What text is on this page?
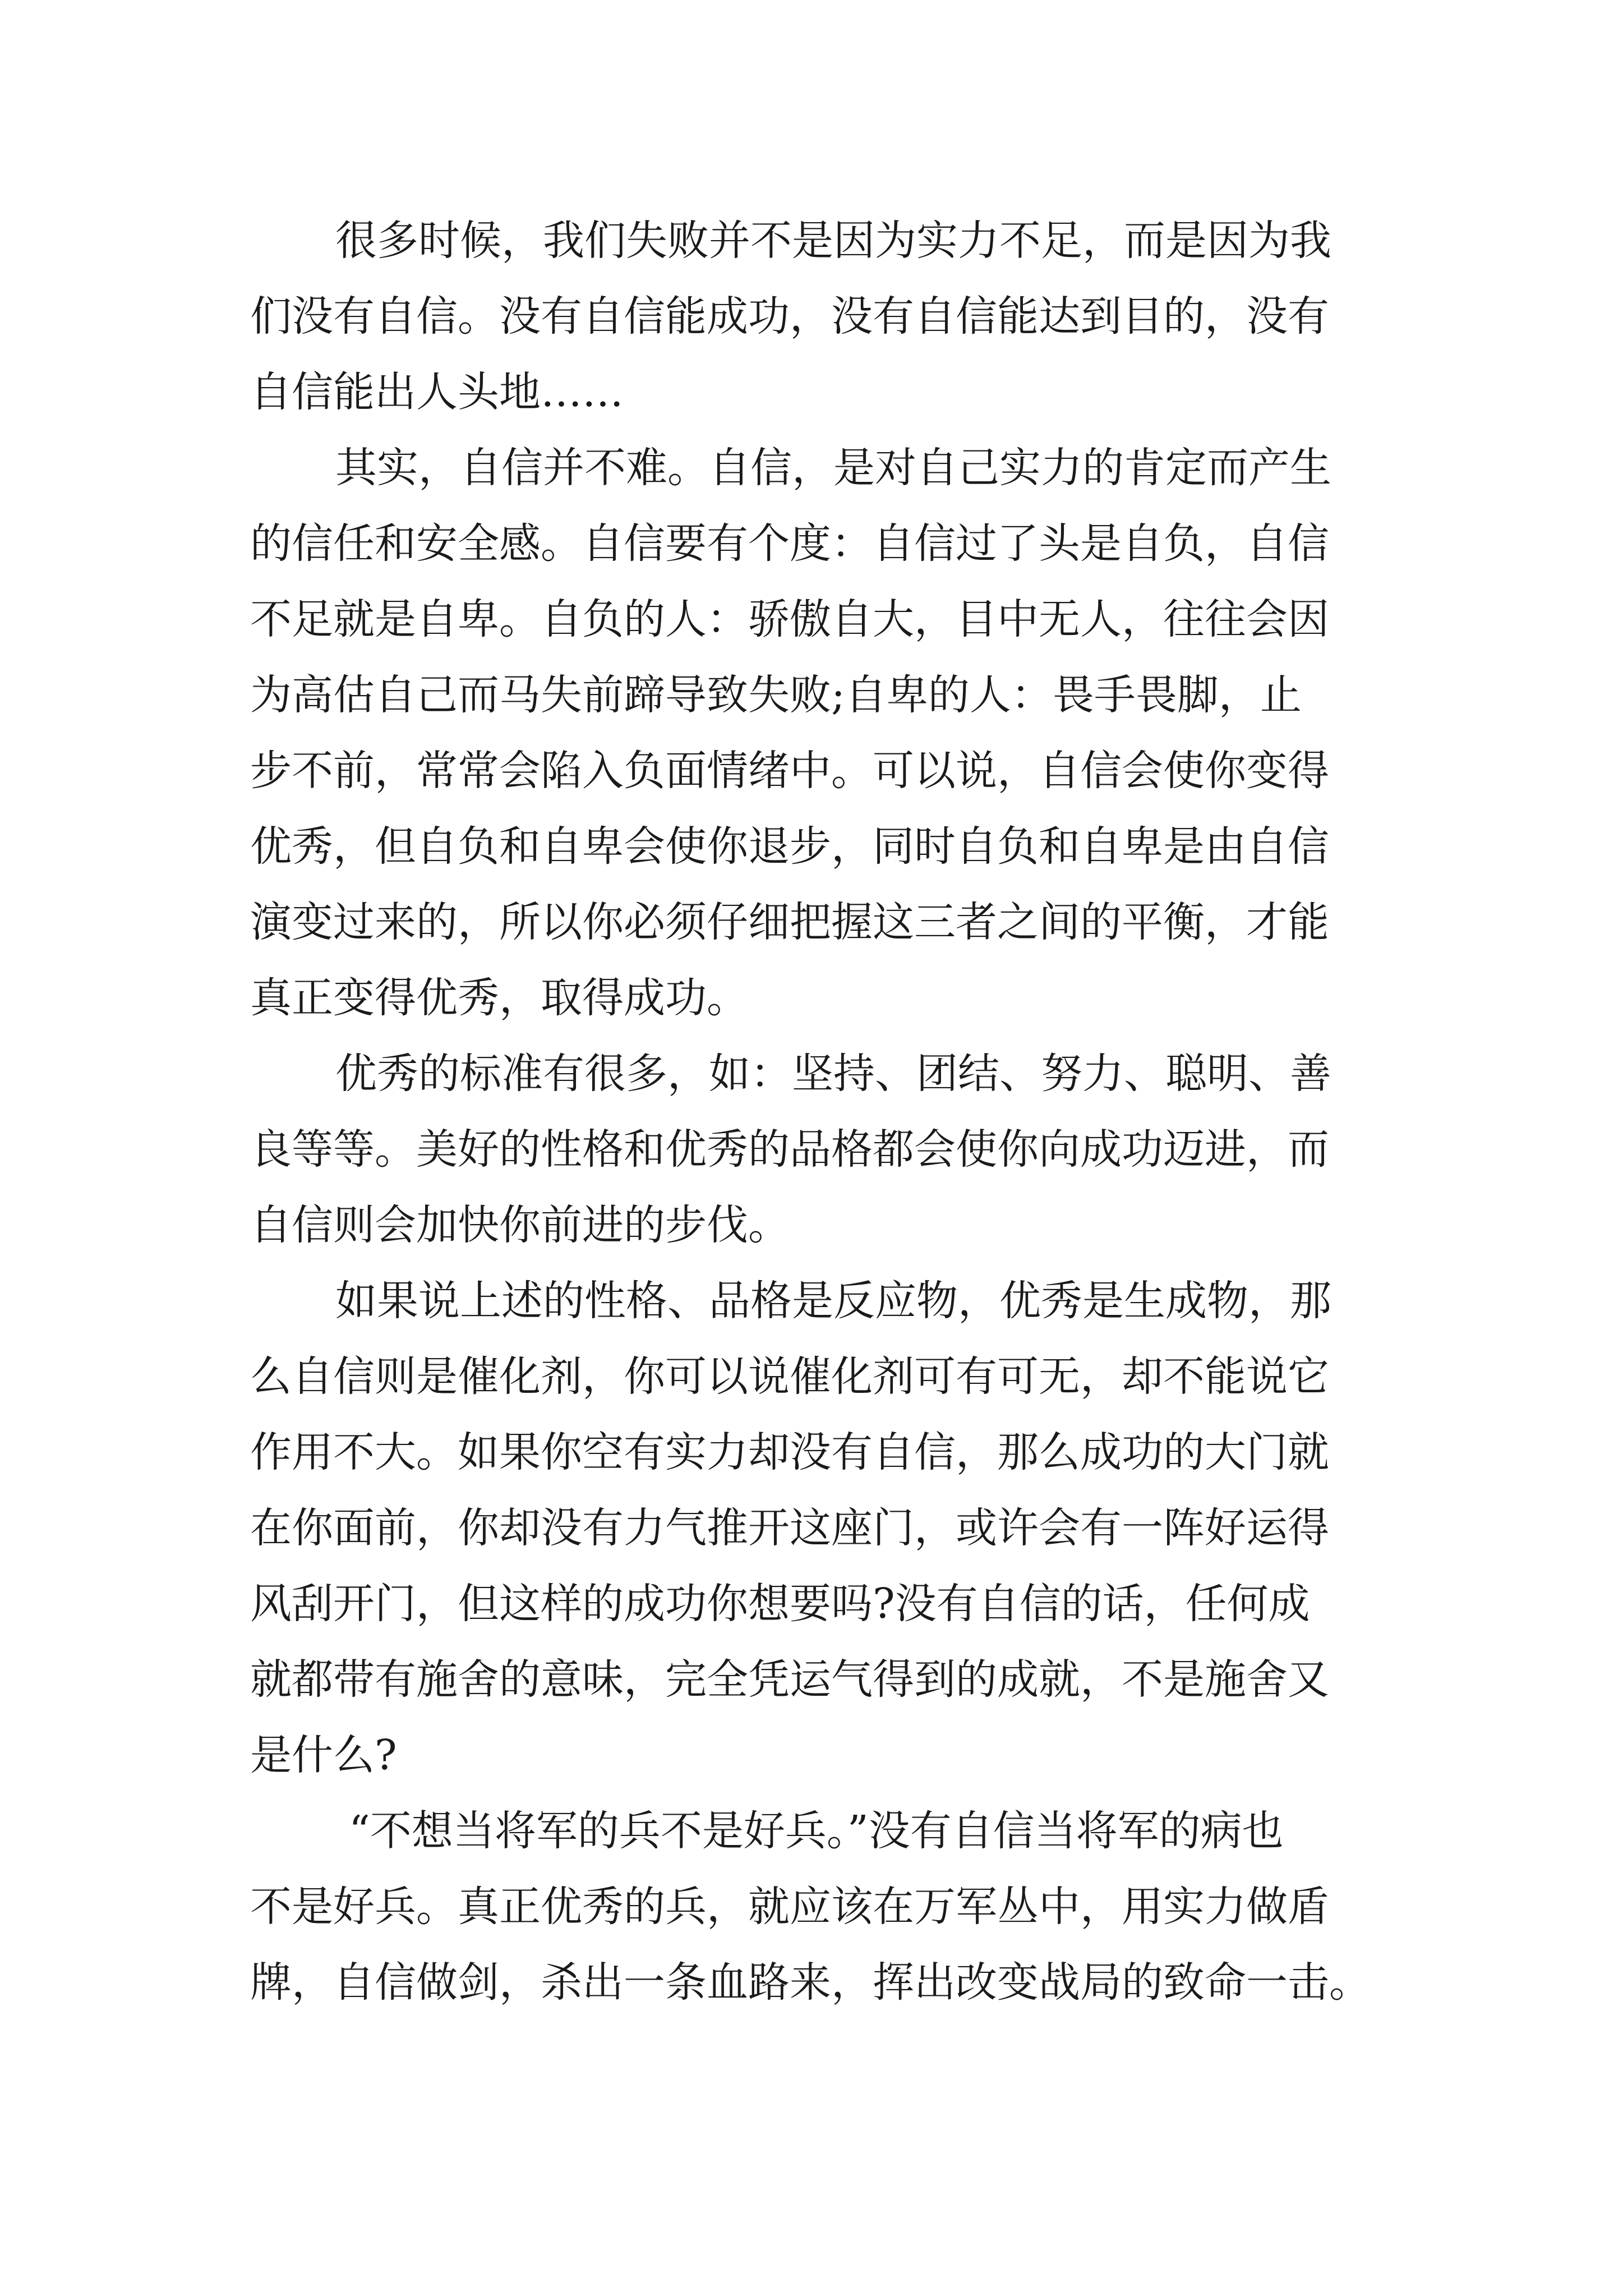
很多时候，我们失败并不是因为实力不足，而是因为我
们没有自信。没有自信能成功，没有自信能达到目的，没有
自信能出人头地……
其实，自信并不难。自信，是对自己实力的肯定而产生
的信任和安全感。自信要有个度：自信过了头是自负，自信
不足就是自卑。自负的人：骄傲自大，目中无人，往往会因
为高估自己而马失前蹄导致失败;自卑的人：畏手畏脚，止
步不前，常常会陷入负面情绪中。可以说，自信会使你变得
优秀，但自负和自卑会使你退步，同时自负和自卑是由自信
演变过来的，所以你必须仔细把握这三者之间的平衡，才能
真正变得优秀，取得成功。
优秀的标准有很多，如：坚持、团结、努力、聪明、善
良等等。美好的性格和优秀的品格都会使你向成功迈进，而
自信则会加快你前进的步伐。
如果说上述的性格、品格是反应物，优秀是生成物，那
么自信则是催化剂，你可以说催化剂可有可无，却不能说它
作用不大。如果你空有实力却没有自信，那么成功的大门就
在你面前，你却没有力气推开这座门，或许会有一阵好运得
风刮开门，但这样的成功你想要吗?没有自信的话，任何成
就都带有施舍的意味，完全凭运气得到的成就，不是施舍又
是什么?
“不想当将军的兵不是好兵。”没有自信当将军的病也
不是好兵。真正优秀的兵，就应该在万军丛中，用实力做盾
牌，自信做剑，杀出一条血路来，挥出改变战局的致命一击。
